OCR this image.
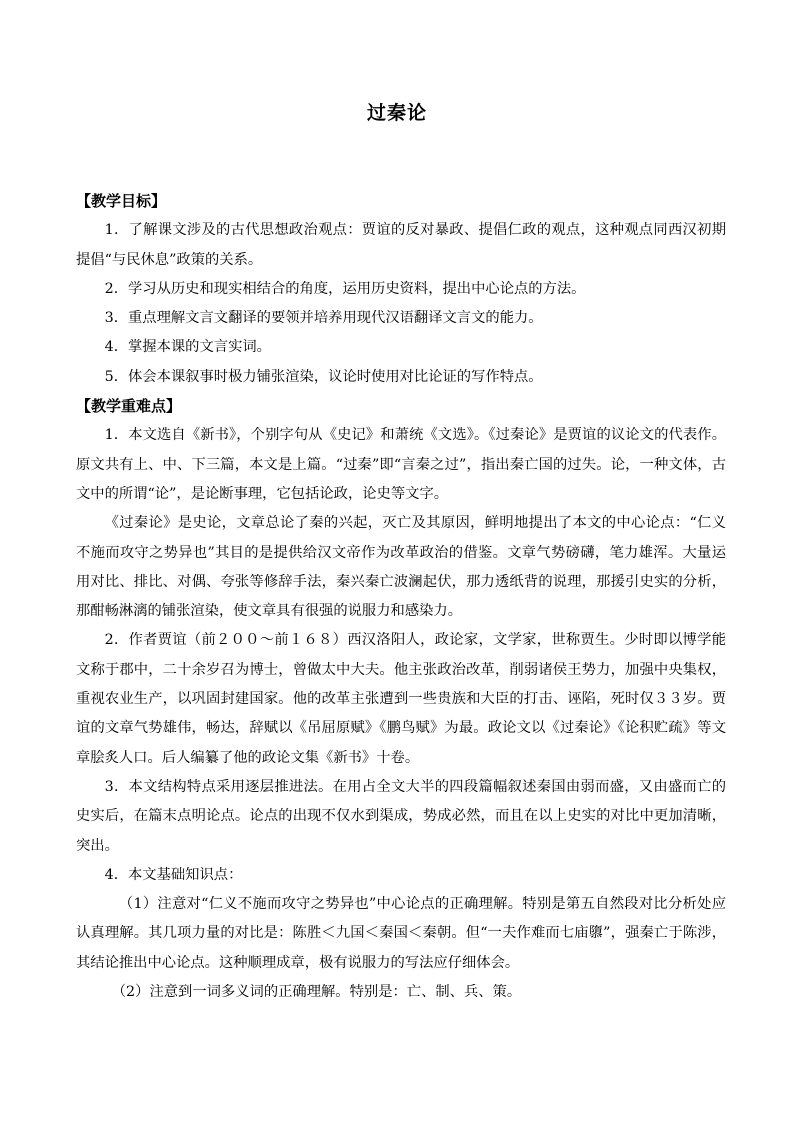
过秦论

【教学目标】

1．了解课文涉及的古代思想政治观点：贾谊的反对暴政、提倡仁政的观点，这种观点同西汉初期提倡“与民休息”政策的关系。

2．学习从历史和现实相结合的角度，运用历史资料，提出中心论点的方法。

3．重点理解文言文翻译的要领并培养用现代汉语翻译文言文的能力。

4．掌握本课的文言实词。

5．体会本课叙事时极力铺张渲染，议论时使用对比论证的写作特点。

【教学重难点】

1．本文选自《新书》，个别字句从《史记》和萧统《文选》。《过秦论》是贾谊的议论文的代表作。原文共有上、中、下三篇，本文是上篇。“过秦”即“言秦之过”，指出秦亡国的过失。论，一种文体，古文中的所谓“论”，是论断事理，它包括论政，论史等文字。

《过秦论》是史论，文章总论了秦的兴起，灭亡及其原因，鲜明地提出了本文的中心论点：“仁义不施而攻守之势异也”其目的是提供给汉文帝作为改革政治的借鉴。文章气势磅礴，笔力雄浑。大量运用对比、排比、对偶、夸张等修辞手法，秦兴秦亡波澜起伏，那力透纸背的说理，那援引史实的分析，那酣畅淋漓的铺张渲染，使文章具有很强的说服力和感染力。

2．作者贾谊（前２００～前１６８）西汉洛阳人，政论家，文学家，世称贾生。少时即以博学能文称于郡中，二十余岁召为博士，曾做太中大夫。他主张政治改革，削弱诸侯王势力，加强中央集权，重视农业生产，以巩固封建国家。他的改革主张遭到一些贵族和大臣的打击、诬陷，死时仅３３岁。贾谊的文章气势雄伟，畅达，辞赋以《吊屈原赋》《鹏鸟赋》为最。政论文以《过秦论》《论积贮疏》等文章脍炙人口。后人编纂了他的政论文集《新书》十卷。

3．本文结构特点采用逐层推进法。在用占全文大半的四段篇幅叙述秦国由弱而盛，又由盛而亡的史实后，在篇末点明论点。论点的出现不仅水到渠成，势成必然，而且在以上史实的对比中更加清晰，突出。

4．本文基础知识点：

（1）注意对“仁义不施而攻守之势异也”中心论点的正确理解。特别是第五自然段对比分析处应认真理解。其几项力量的对比是：陈胜＜九国＜秦国＜秦朝。但“一夫作难而七庙隳”，强秦亡于陈涉，其结论推出中心论点。这种顺理成章，极有说服力的写法应仔细体会。

（2）注意到一词多义词的正确理解。特别是：亡、制、兵、策。
